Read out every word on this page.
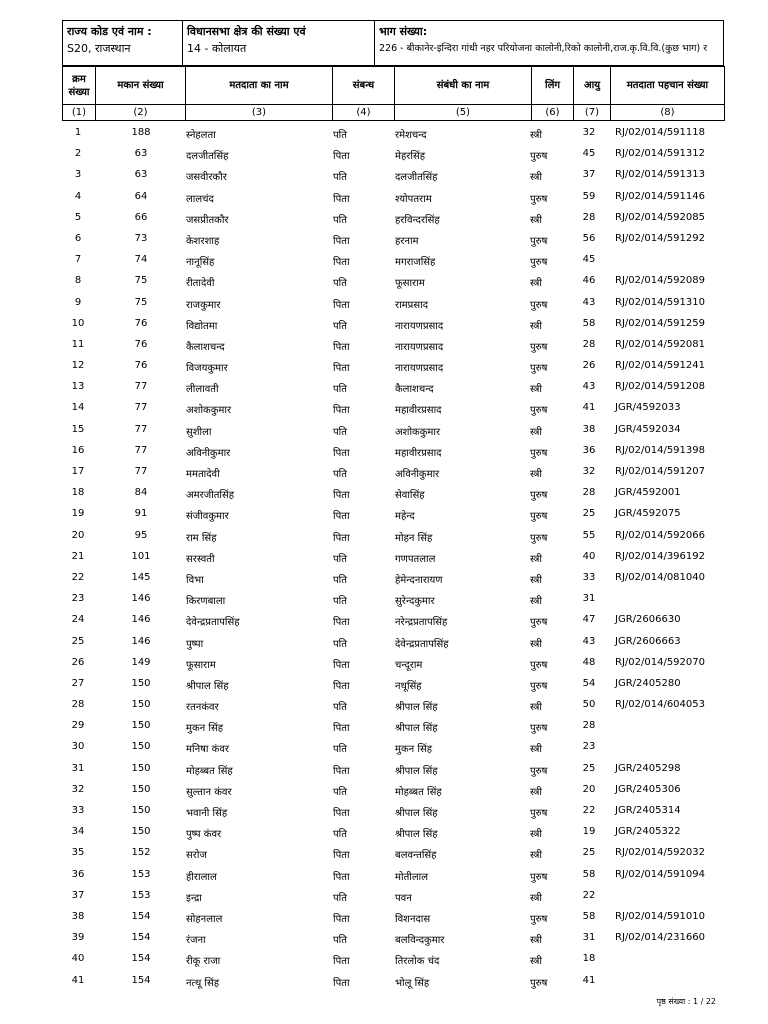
राज्य कोड एवं नाम :
S20, राजस्थान
विधानसभा क्षेत्र की संख्या एवं
14 - कोलायत
भाग संख्या:
226 - बीकानेर-इन्दिरा गांधी नहर परियोजना कालोनी,रिको कालोनी,राज.कृ.वि.वि.(कुछ भाग) र
क्रम संख्या	मकान संख्या	मतदाता का नाम	संबन्ध	संबंधी का नाम	लिंग	आयु	मतदाता पहचान संख्या
(1)	(2)	(3)	(4)	(5)	(6)	(7)	(8)
1	188	स्नेहलता	पति	रमेशचन्द	स्त्री	32	RJ/02/014/591118
2	63	दलजीतसिंह	पिता	मेहरसिंह	पुरुष	45	RJ/02/014/591312
3	63	जसवीरकौर	पति	दलजीतसिंह	स्त्री	37	RJ/02/014/591313
4	64	लालचंद	पिता	श्योपतराम	पुरुष	59	RJ/02/014/591146
5	66	जसप्रीतकौर	पति	हरविन्दरसिंह	स्त्री	28	RJ/02/014/592085
6	73	केशरशाह	पिता	हरनाम	पुरुष	56	RJ/02/014/591292
7	74	नानूसिंह	पिता	मगराजसिंह	पुरुष	45
8	75	रीतादेवी	पति	फूसाराम	स्त्री	46	RJ/02/014/592089
9	75	राजकुमार	पिता	रामप्रसाद	पुरुष	43	RJ/02/014/591310
10	76	विद्योतमा	पति	नारायणप्रसाद	स्त्री	58	RJ/02/014/591259
11	76	कैलाशचन्द	पिता	नारायणप्रसाद	पुरुष	28	RJ/02/014/592081
12	76	विजयकुमार	पिता	नारायणप्रसाद	पुरुष	26	RJ/02/014/591241
13	77	लीलावती	पति	कैलाशचन्द	स्त्री	43	RJ/02/014/591208
14	77	अशोककुमार	पिता	महावीरप्रसाद	पुरुष	41	JGR/4592033
15	77	सुशीला	पति	अशोककुमार	स्त्री	38	JGR/4592034
16	77	अविनीकुमार	पिता	महावीरप्रसाद	पुरुष	36	RJ/02/014/591398
17	77	ममतादेवी	पति	अविनीकुमार	स्त्री	32	RJ/02/014/591207
18	84	अमरजीतसिंह	पिता	सेवासिंह	पुरुष	28	JGR/4592001
19	91	संजीवकुमार	पिता	महेन्द	पुरुष	25	JGR/4592075
20	95	राम सिंह	पिता	मोहन सिंह	पुरुष	55	RJ/02/014/592066
21	101	सरस्वती	पति	गणपतलाल	स्त्री	40	RJ/02/014/396192
22	145	विभा	पति	हेमेन्दनारायण	स्त्री	33	RJ/02/014/081040
23	146	किरणबाला	पति	सुरेन्दकुमार	स्त्री	31
24	146	देवेन्द्रप्रतापसिंह	पिता	नरेन्द्रप्रतापसिंह	पुरुष	47	JGR/2606630
25	146	पुष्पा	पति	देवेन्द्रप्रतापसिंह	स्त्री	43	JGR/2606663
26	149	फूसाराम	पिता	चन्दूराम	पुरुष	48	RJ/02/014/592070
27	150	श्रीपाल सिंह	पिता	नथूसिंह	पुरुष	54	JGR/2405280
28	150	रतनकंवर	पति	श्रीपाल सिंह	स्त्री	50	RJ/02/014/604053
29	150	मुकन सिंह	पिता	श्रीपाल सिंह	पुरुष	28
30	150	मनिषा कंवर	पति	मुकन सिंह	स्त्री	23
31	150	मोहब्बत सिंह	पिता	श्रीपाल सिंह	पुरुष	25	JGR/2405298
32	150	सुल्तान कंवर	पति	मोहब्बत सिंह	स्त्री	20	JGR/2405306
33	150	भवानी सिंह	पिता	श्रीपाल सिंह	पुरुष	22	JGR/2405314
34	150	पुष्प कंवर	पति	श्रीपाल सिंह	स्त्री	19	JGR/2405322
35	152	सरोज	पिता	बलवन्तसिंह	स्त्री	25	RJ/02/014/592032
36	153	हीरालाल	पिता	मोतीलाल	पुरुष	58	RJ/02/014/591094
37	153	इन्द्रा	पति	पवन	स्त्री	22
38	154	सोहनलाल	पिता	विशनदास	पुरुष	58	RJ/02/014/591010
39	154	रंजना	पति	बलविन्दकुमार	स्त्री	31	RJ/02/014/231660
40	154	रीकू राजा	पिता	तिरलोक चंद	स्त्री	18
41	154	नत्थू सिंह	पिता	भोलू सिंह	पुरुष	41
पृष्ठ संख्या : 1 / 22
